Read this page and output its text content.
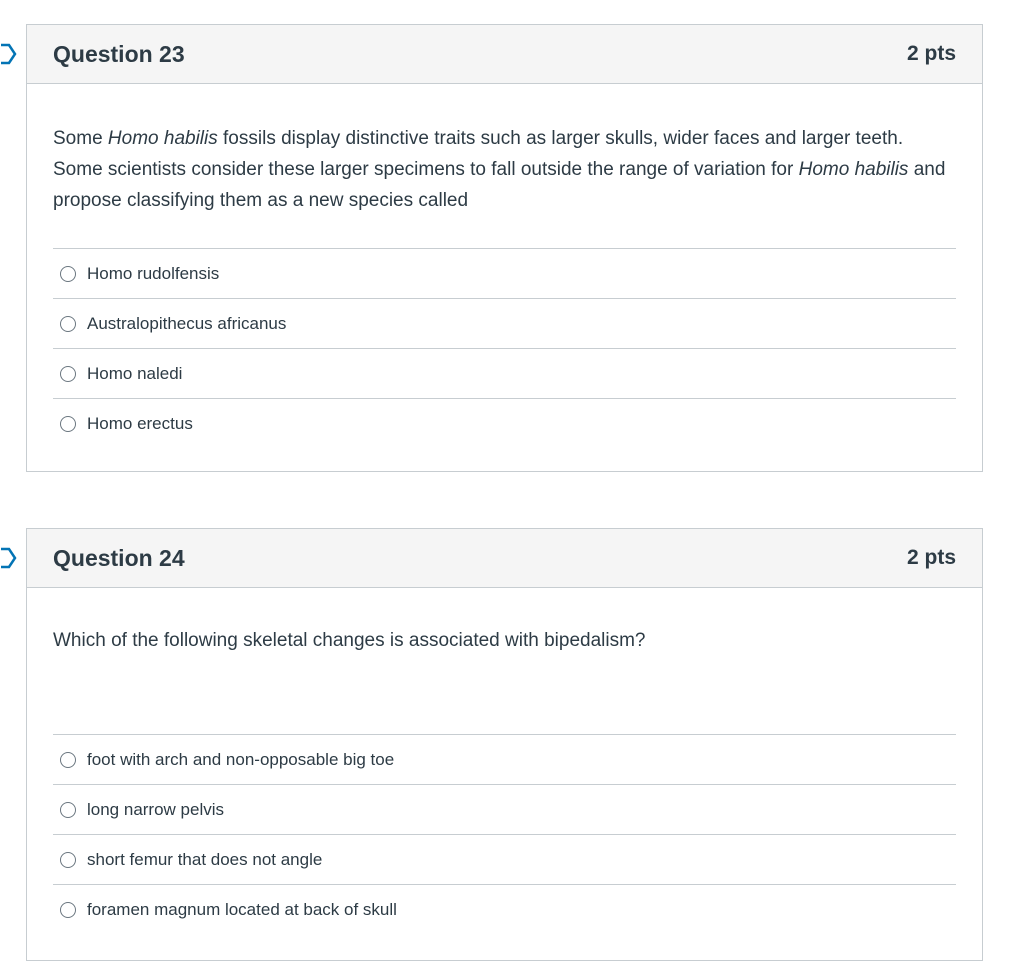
Question 23	2 pts
Some Homo habilis fossils display distinctive traits such as larger skulls, wider faces and larger teeth. Some scientists consider these larger specimens to fall outside the range of variation for Homo habilis and propose classifying them as a new species called
Homo rudolfensis
Australopithecus africanus
Homo naledi
Homo erectus
Question 24	2 pts
Which of the following skeletal changes is associated with bipedalism?
foot with arch and non-opposable big toe
long narrow pelvis
short femur that does not angle
foramen magnum located at back of skull
